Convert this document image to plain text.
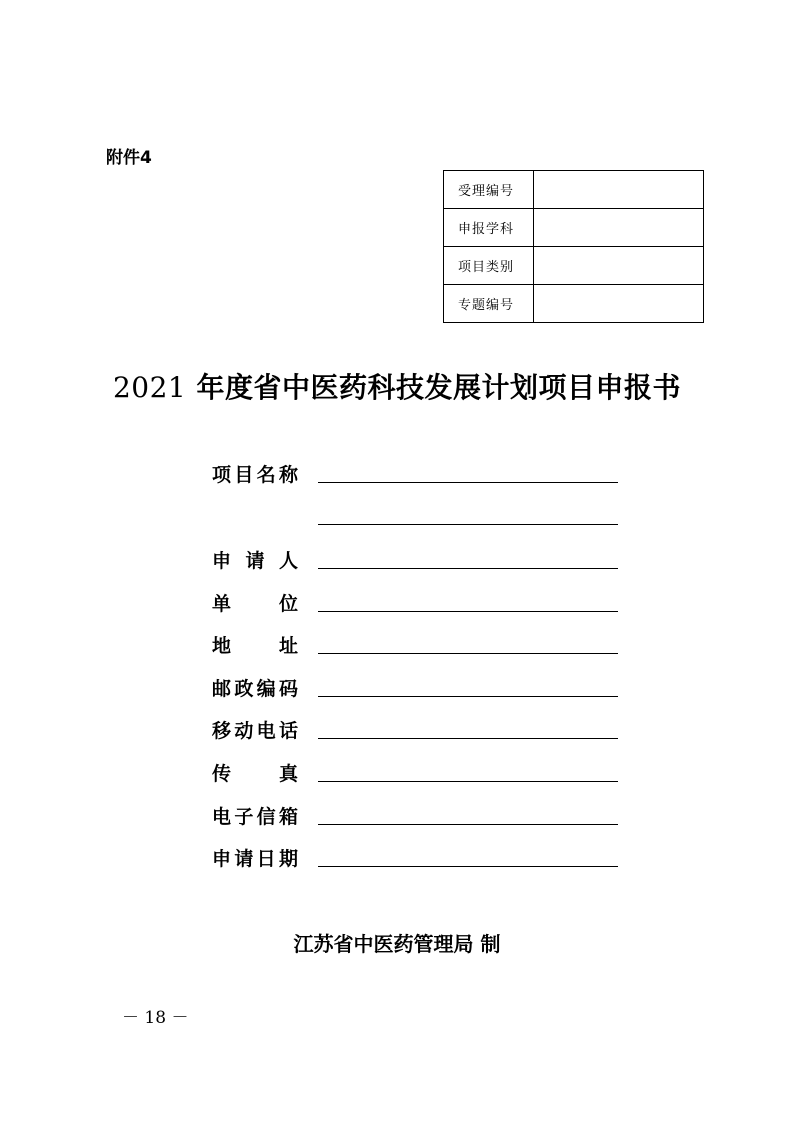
附件4
受理编号	
申报学科	
项目类别	
专题编号	
2021 年度省中医药科技发展计划项目申报书
项 目 名 称
申 请 人
单	位
地	址
邮 政 编 码
移 动 电 话
传	真
电 子 信 箱
申 请 日 期
江苏省中医药管理局 制
－ 18 －
